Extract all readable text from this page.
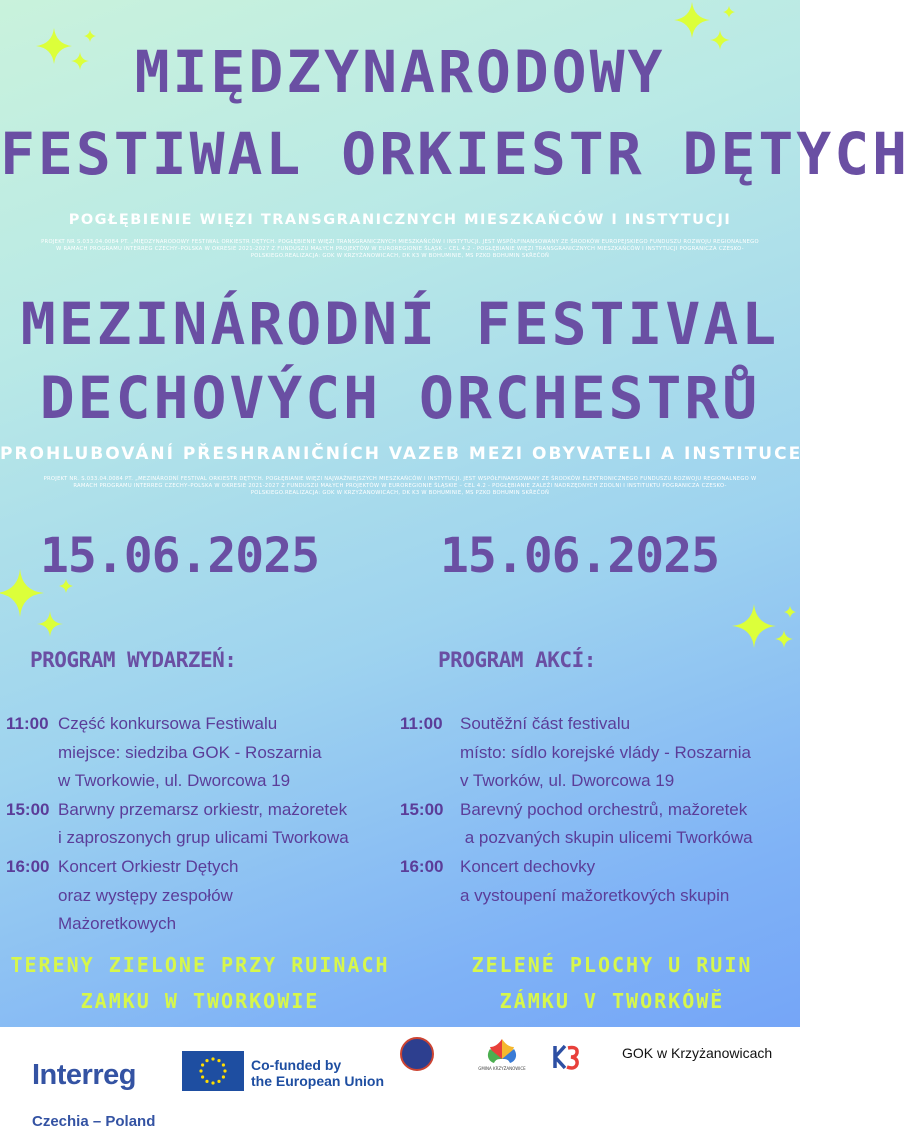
MIĘDZYNARODOWY
FESTIWAL ORKIESTR DĘTYCH
POGŁĘBIENIE WIĘZI TRANSGRANICZNYCH MIESZKAŃCÓW I INSTYTUCJI
PROJEKT NR S.033.04.0084 PT. „MIĘDZYNARODOWY FESTIWAL ORKIESTR DĘTYCH. POGŁĘBIENIE WIĘZI TRANSGRANICZNYCH MIESZKAŃCÓW I INSTYTUCJI. JEST WSPÓŁFINANSOWANY ZE ŚRODKÓW EUROPEJSKIEGO FUNDUSZU ROZWOJU REGIONALNEGO W RAMACH PROGRAMU INTERREG CZECHY–POLSKA W OKRESIE 2021-2027 Z FUNDUSZU MAŁYCH PROJEKTÓW W EUROREGIONIE ŚLĄSK – CEL 4.2 - POGŁĘBIANIE WIĘZI TRANSGRANICZNYCH MIESZKAŃCÓW I INSTYTUCJI POGRANICZA CZESKO-POLSKIEGO.REALIZACJA: GOK W KRZYŻANOWICACH, DK K3 W BOHUMINIE, MS PZKO BOHUMIN SKŘEČOŇ
MEZINÁRODNÍ FESTIVAL
DECHOVÝCH ORCHESTRŮ
PROHLUBOVÁNÍ PŘESHRANIČNÍCH VAZEB MEZI OBYVATELI A INSTITUCEMI.
PROJEKT NR. S.033.04.0084 PT. „MEZINÁRODNÍ FESTIVAL ORKIESTR DĘTYCH. POGŁĘBIANIE WIĘZI NAJWAŻNIEJSZYCH MIESZKAŃCÓW I INSTYTUCJI. JEST WSPÓŁFINANSOWANY ZE ŚRODKÓW ELEKTRONICZNEGO FUNDUSZU ROZWOJU REGIONALNEGO W RAMACH PROGRAMU INTERREG CZECHY–POLSKA W OKRESIE 2021-2027 Z FUNDUSZU MAŁYCH PROJEKTÓW W EUROREGIONIE ŚLĄSKIE – CEL 4.2 - POGŁĘBIANIE ZALEŻI NADRZĘDNYCH ZDOLNI I INSTITUKTU POGRANICZA CZESKO-POLSKIEGO.REALIZACJA: GOK W KRZYŻANOWICACH, DK K3 W BOHUMINIE, MS PZKO BOHUMIN SKŘEČOŇ
15.06.2025	15.06.2025
PROGRAM WYDARZEŃ:	PROGRAM AKCÍ:
11:00 Część konkursowa Festiwalu
miejsce: siedziba GOK - Roszarnia
w Tworkowie, ul. Dworcowa 19
15:00 Barwny przemarsz orkiestr, mażoretek
i zaproszonych grup ulicami Tworkowa
16:00 Koncert Orkiestr Dętych
oraz występy zespołów
Mażoretkowych
11:00	Soutěžní část festivalu
místo: sídlo korejské vlády - Roszarnia
v Tworków, ul. Dworcowa 19
15:00 Barevný pochod orchestrů, mažoretek
a pozvaných skupin ulicemi Tworkówa
16:00 Koncert dechovky
a vystoupení mažoretkových skupin
TERENY ZIELONE PRZY RUINACH
ZAMKU W TWORKOWIE
ZELENÉ PLOCHY U RUIN
ZÁMKU V TWORKÓWĚ
Interreg
Czechia – Poland
Co-funded by
the European Union
GMINA KRZYŻANOWICE
GOK w Krzyżanowicach
